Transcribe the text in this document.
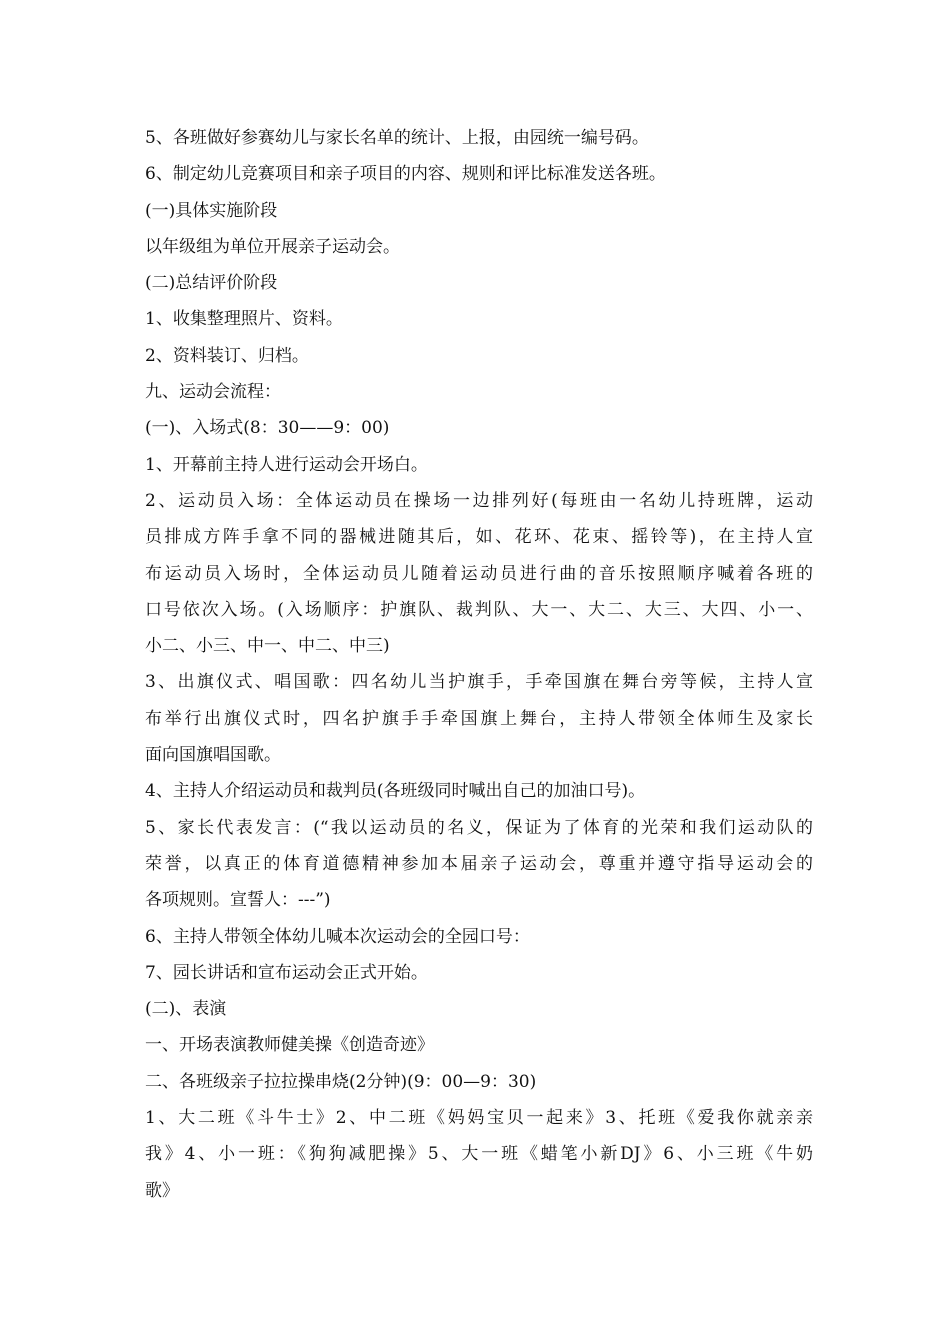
5、各班做好参赛幼儿与家长名单的统计、上报，由园统一编号码。
6、制定幼儿竞赛项目和亲子项目的内容、规则和评比标准发送各班。
(一)具体实施阶段
以年级组为单位开展亲子运动会。
(二)总结评价阶段
1、收集整理照片、资料。
2、资料装订、归档。
九、运动会流程：
(一)、入场式(8：30——9：00)
1、开幕前主持人进行运动会开场白。
2、运动员入场：全体运动员在操场一边排列好(每班由一名幼儿持班牌，运动
员排成方阵手拿不同的器械进随其后，如、花环、花束、摇铃等)，在主持人宣
布运动员入场时，全体运动员儿随着运动员进行曲的音乐按照顺序喊着各班的
口号依次入场。(入场顺序：护旗队、裁判队、大一、大二、大三、大四、小一、
小二、小三、中一、中二、中三)
3、出旗仪式、唱国歌：四名幼儿当护旗手，手牵国旗在舞台旁等候，主持人宣
布举行出旗仪式时，四名护旗手手牵国旗上舞台，主持人带领全体师生及家长
面向国旗唱国歌。
4、主持人介绍运动员和裁判员(各班级同时喊出自己的加油口号)。
5、家长代表发言：(“我以运动员的名义，保证为了体育的光荣和我们运动队的
荣誉，以真正的体育道德精神参加本届亲子运动会，尊重并遵守指导运动会的
各项规则。宣誓人：---”)
6、主持人带领全体幼儿喊本次运动会的全园口号：
7、园长讲话和宣布运动会正式开始。
(二)、表演
一、开场表演教师健美操《创造奇迹》
二、各班级亲子拉拉操串烧(2分钟)(9：00—9：30)
1、大二班《斗牛士》2、中二班《妈妈宝贝一起来》3、托班《爱我你就亲亲
我》4、小一班：《狗狗减肥操》5、大一班《蜡笔小新DJ》6、小三班《牛奶
歌》
